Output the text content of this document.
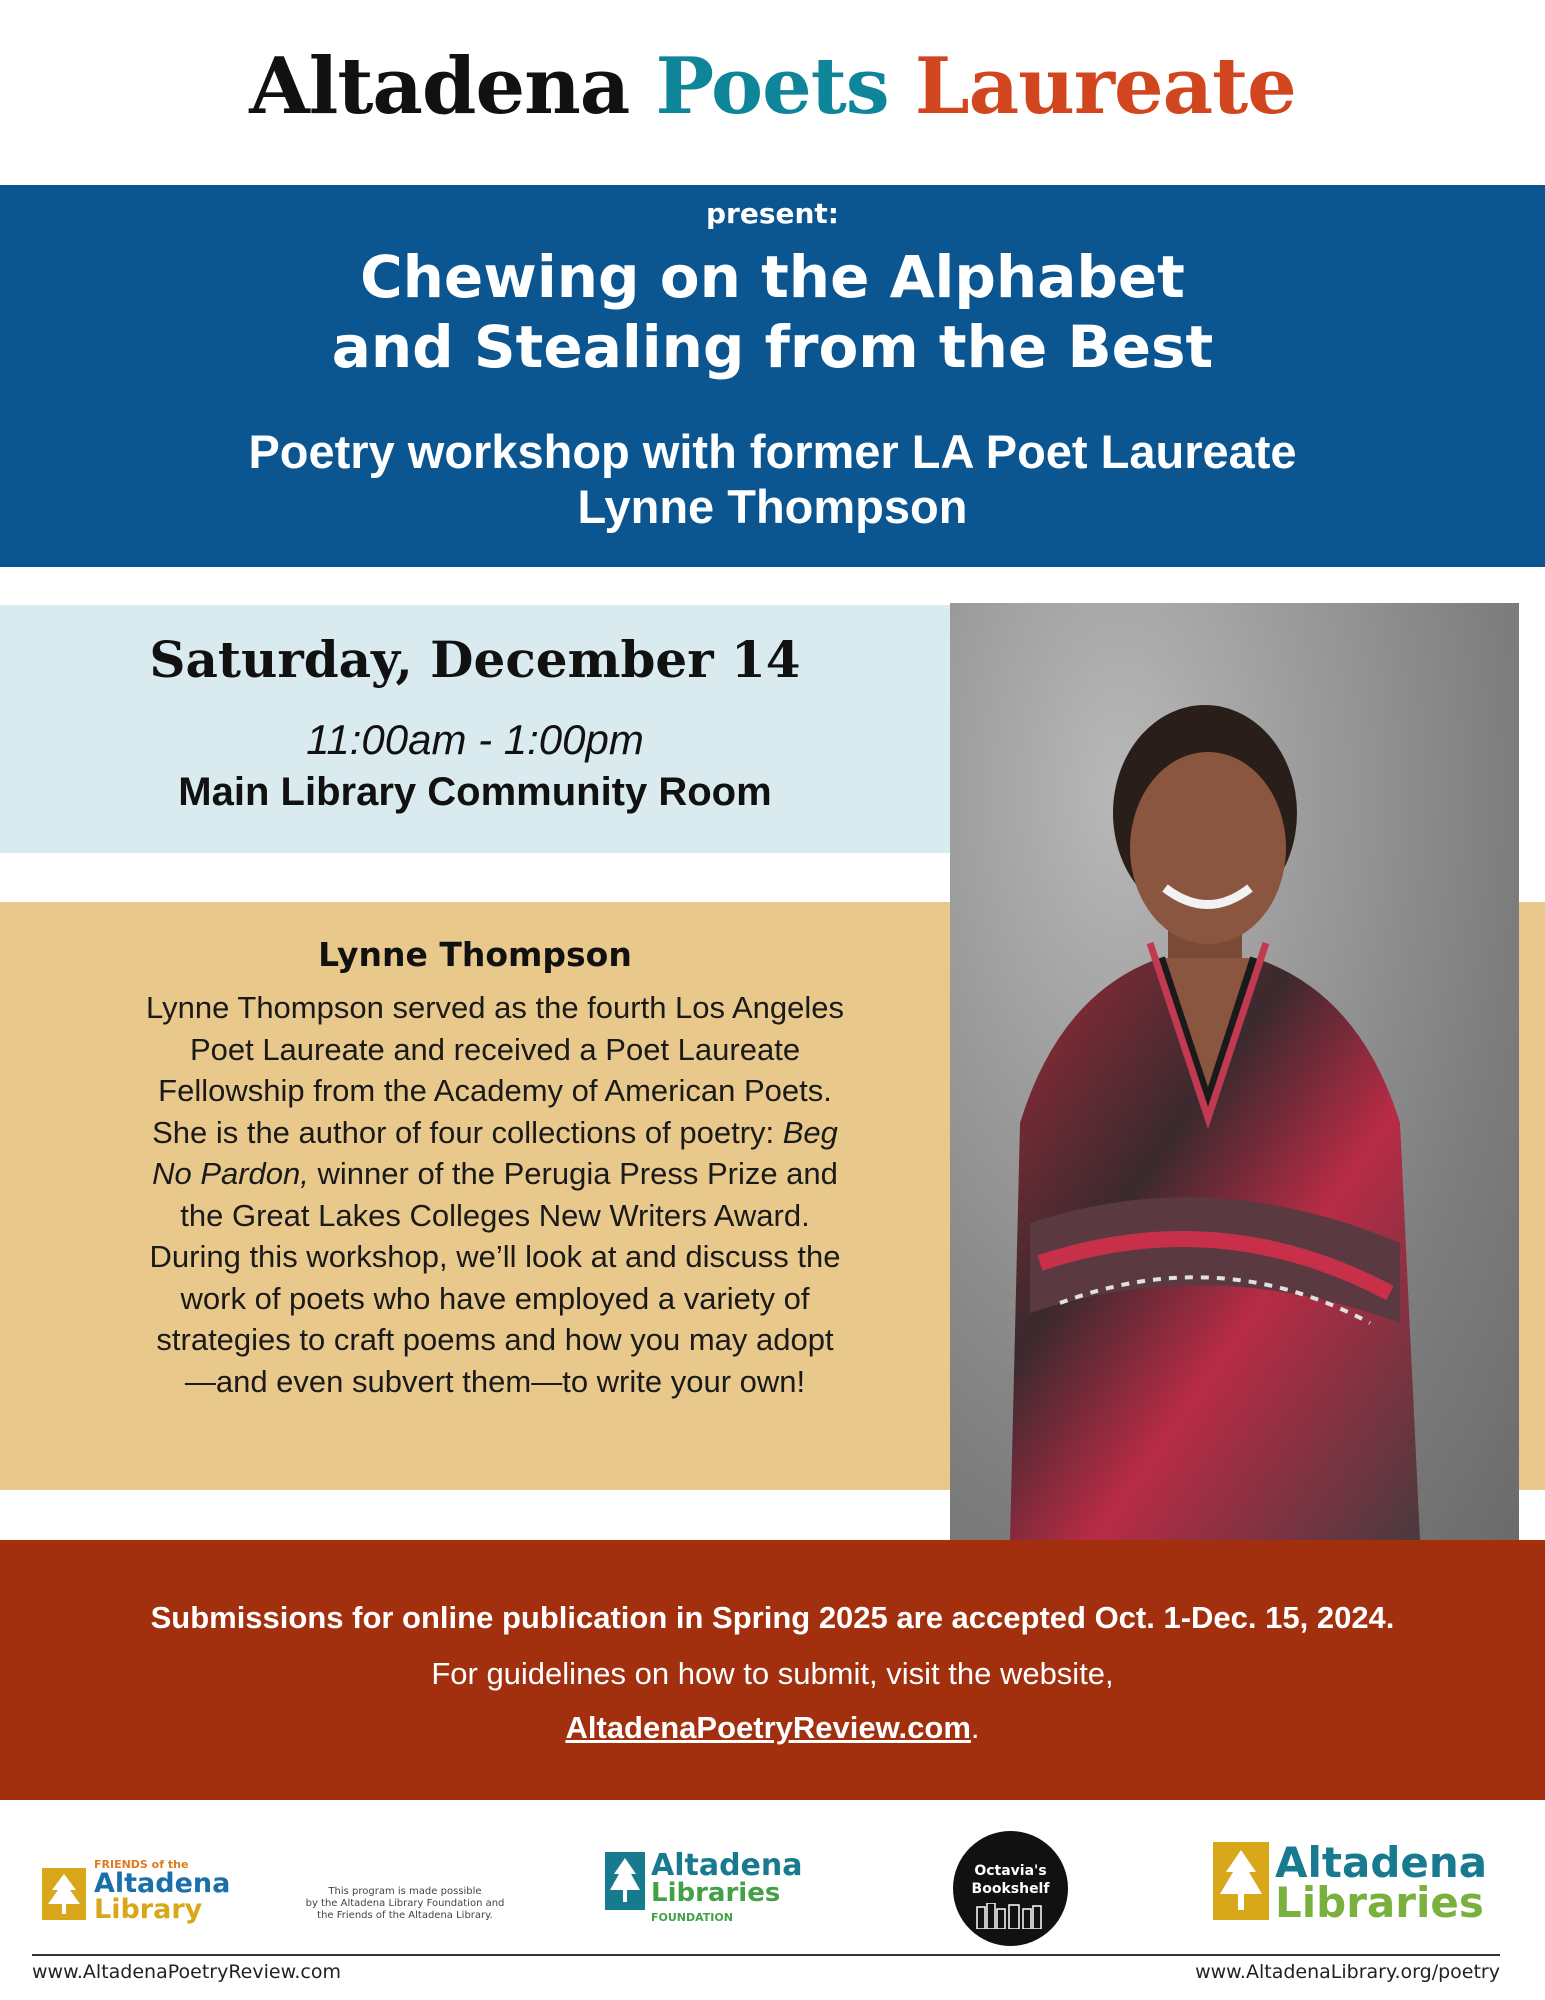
Altadena Poets Laureate
present:
Chewing on the Alphabet
and Stealing from the Best
Poetry workshop with former LA Poet Laureate
Lynne Thompson
Saturday, December 14
11:00am - 1:00pm
Main Library Community Room
Lynne Thompson
Lynne Thompson served as the fourth Los Angeles
Poet Laureate and received a Poet Laureate
Fellowship from the Academy of American Poets.
She is the author of four collections of poetry: Beg
No Pardon, winner of the Perugia Press Prize and
the Great Lakes Colleges New Writers Award.
During this workshop, we’ll look at and discuss the
work of poets who have employed a variety of
strategies to craft poems and how you may adopt
—and even subvert them—to write your own!
Submissions for online publication in Spring 2025 are accepted Oct. 1-Dec. 15, 2024.
For guidelines on how to submit, visit the website,
AltadenaPoetryReview.com.
FRIENDS of the
Altadena
Library
This program is made possible
by the Altadena Library Foundation and
the Friends of the Altadena Library.
Altadena
Libraries
FOUNDATION
Octavia's
Bookshelf
Altadena
Libraries
www.AltadenaPoetryReview.com	www.AltadenaLibrary.org/poetry
